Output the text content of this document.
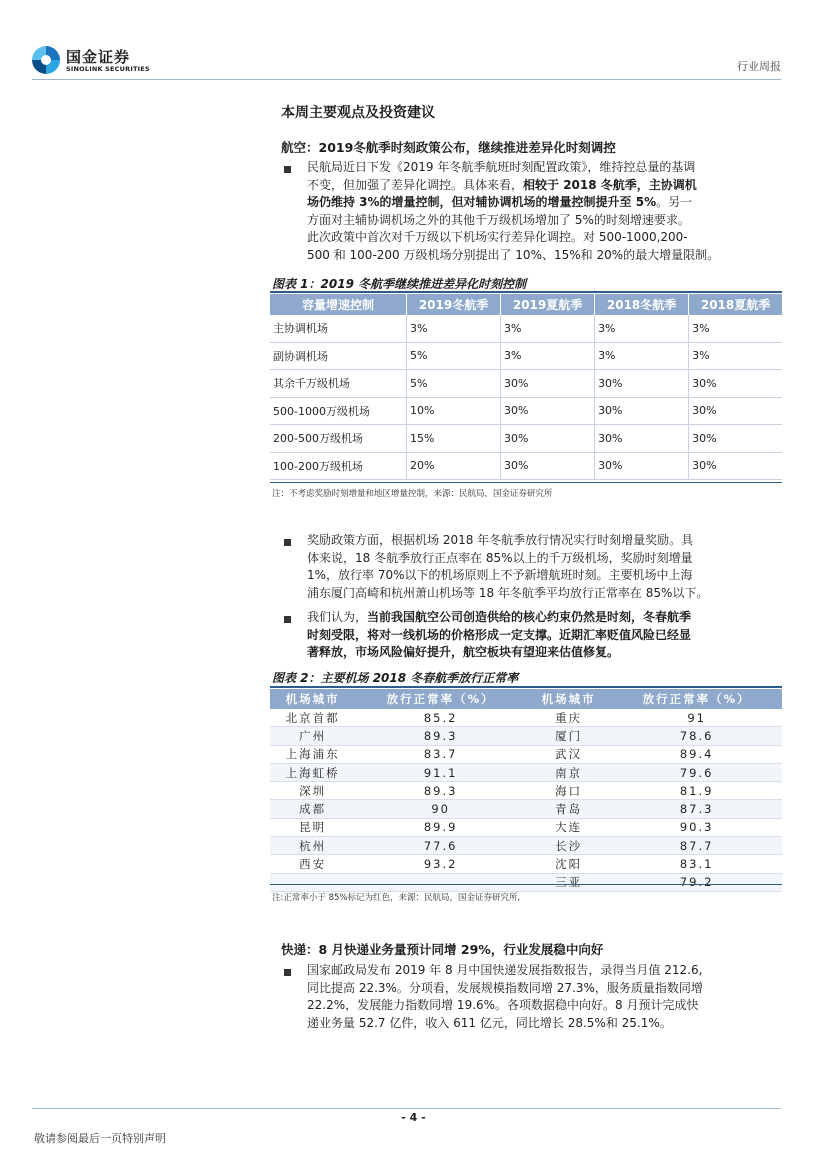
国金证券
SINOLINK SECURITIES	行业周报
本周主要观点及投资建议
航空：2019冬航季时刻政策公布，继续推进差异化时刻调控
民航局近日下发《2019 年冬航季航班时刻配置政策》，维持控总量的基调
不变，但加强了差异化调控。具体来看，相较于 2018 冬航季，主协调机
场仍维持 3%的增量控制，但对辅协调机场的增量控制提升至 5%。另一
方面对主辅协调机场之外的其他千万级机场增加了 5%的时刻增速要求。
此次政策中首次对千万级以下机场实行差异化调控。对 500-1000,200-
500 和 100-200 万级机场分别提出了 10%、15%和 20%的最大增量限制。
图表 1：2019 冬航季继续推进差异化时刻控制
容量增速控制	2019冬航季	2019夏航季	2018冬航季	2018夏航季
主协调机场	3%	3%	3%	3%
副协调机场	5%	3%	3%	3%
其余千万级机场	5%	30%	30%	30%
500-1000万级机场	10%	30%	30%	30%
200-500万级机场	15%	30%	30%	30%
100-200万级机场	20%	30%	30%	30%
注：不考虑奖励时刻增量和地区增量控制，来源：民航局，国金证券研究所
奖励政策方面，根据机场 2018 年冬航季放行情况实行时刻增量奖励。具
体来说，18 冬航季放行正点率在 85%以上的千万级机场，奖励时刻增量
1%，放行率 70%以下的机场原则上不予新增航班时刻。主要机场中上海
浦东厦门高崎和杭州萧山机场等 18 年冬航季平均放行正常率在 85%以下。
我们认为，当前我国航空公司创造供给的核心约束仍然是时刻，冬春航季
时刻受限，将对一线机场的价格形成一定支撑。近期汇率贬值风险已经显
著释放，市场风险偏好提升，航空板块有望迎来估值修复。
图表 2：主要机场 2018 冬春航季放行正常率
机场城市	放行正常率（%）	机场城市	放行正常率（%）
北京首都	85.2	重庆	91
广州	89.3	厦门	78.6
上海浦东	83.7	武汉	89.4
上海虹桥	91.1	南京	79.6
深圳	89.3	海口	81.9
成都	90	青岛	87.3
昆明	89.9	大连	90.3
杭州	77.6	长沙	87.7
西安	93.2	沈阳	83.1
		三亚	79.2
注:正常率小于 85%标记为红色，来源：民航局，国金证券研究所,
快递：8 月快递业务量预计同增 29%，行业发展稳中向好
国家邮政局发布 2019 年 8 月中国快递发展指数报告，录得当月值 212.6,
同比提高 22.3%。分项看，发展规模指数同增 27.3%，服务质量指数同增
22.2%，发展能力指数同增 19.6%。各项数据稳中向好。8 月预计完成快
递业务量 52.7 亿件，收入 611 亿元，同比增长 28.5%和 25.1%。
- 4 -
敬请参阅最后一页特别声明
